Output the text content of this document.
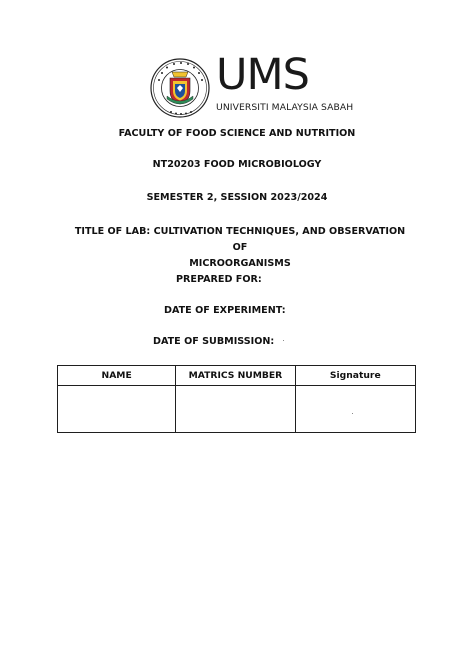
UMS
UNIVERSITI MALAYSIA SABAH
FACULTY OF FOOD SCIENCE AND NUTRITION
NT20203 FOOD MICROBIOLOGY
SEMESTER 2, SESSION 2023/2024
TITLE OF LAB: CULTIVATION TECHNIQUES, AND OBSERVATION OF
MICROORGANISMS
PREPARED FOR:
DATE OF EXPERIMENT:
DATE OF SUBMISSION:
NAME	MATRICS NUMBER	Signature
